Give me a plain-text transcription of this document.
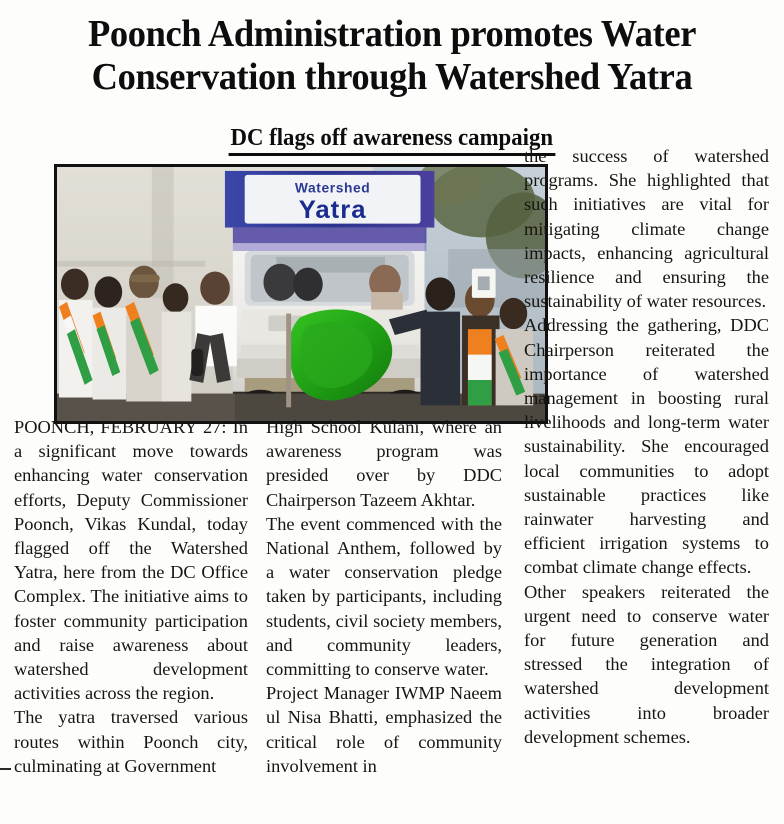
Poonch Administration promotes Water
Conservation through Watershed Yatra
DC flags off awareness campaign
Watershed
Yatra

POONCH, FEBRUARY 27: In a significant move towards enhancing water conservation efforts, Deputy Commissioner Poonch, Vikas Kundal, today flagged off the Watershed Yatra, here from the DC Office Complex. The initiative aims to foster community participation and raise awareness about watershed development activities across the region.

The yatra traversed various routes within Poonch city, culminating at Government

High School Kulani, where an awareness program was presided over by DDC Chairperson Tazeem Akhtar.

The event commenced with the National Anthem, followed by a water conservation pledge taken by participants, including students, civil society members, and community leaders, committing to conserve water.

Project Manager IWMP Naeem ul Nisa Bhatti, emphasized the critical role of community involvement in

the success of watershed programs. She highlighted that such initiatives are vital for mitigating climate change impacts, enhancing agricultural resilience and ensuring the sustainability of water resources.

Addressing the gathering, DDC Chairperson reiterated the importance of watershed management in boosting rural livelihoods and long-term water sustainability. She encouraged local communities to adopt sustainable practices like rainwater harvesting and efficient irrigation systems to combat climate change effects.

Other speakers reiterated the urgent need to conserve water for future generation and stressed the integration of watershed development activities into broader development schemes.
